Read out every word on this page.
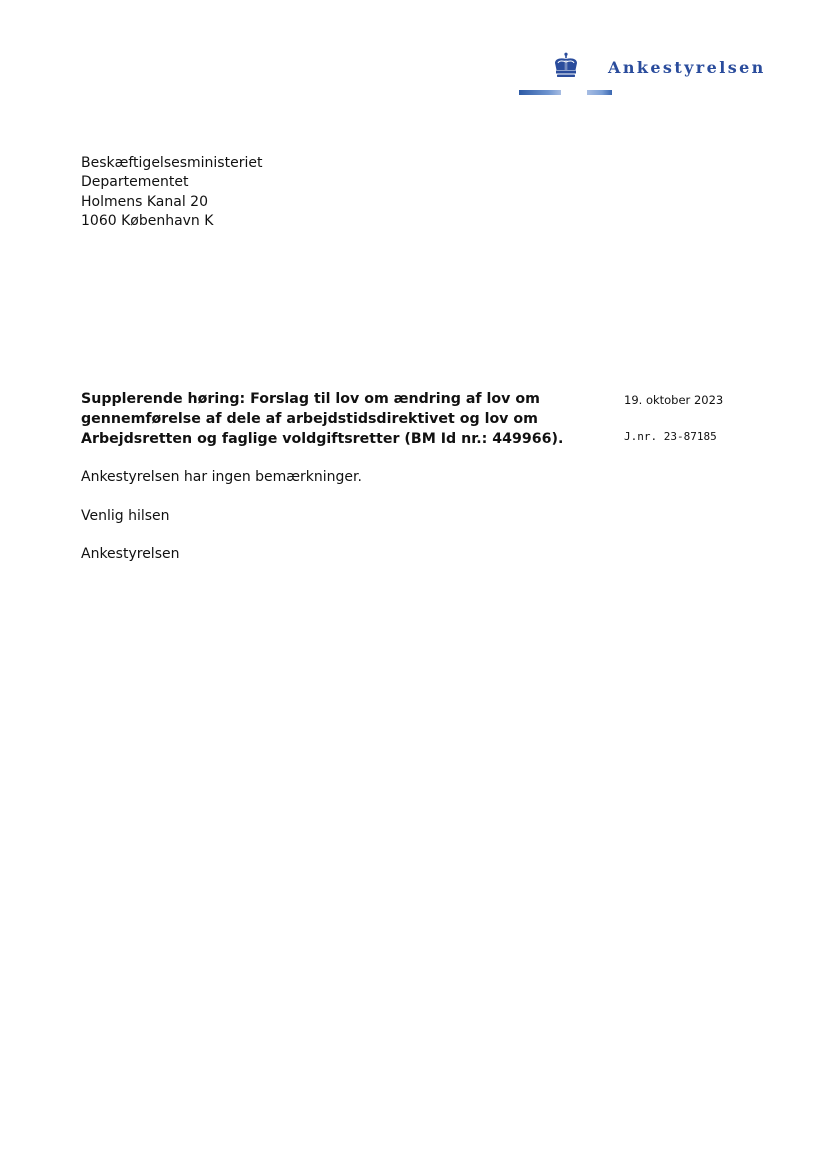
Ankestyrelsen
Beskæftigelsesministeriet
Departementet
Holmens Kanal 20
1060 København K
Supplerende høring: Forslag til lov om ændring af lov om
gennemførelse af dele af arbejdstidsdirektivet og lov om
Arbejdsretten og faglige voldgiftsretter (BM Id nr.: 449966).
19. oktober 2023
J.nr. 23-87185
Ankestyrelsen har ingen bemærkninger.
Venlig hilsen
Ankestyrelsen
